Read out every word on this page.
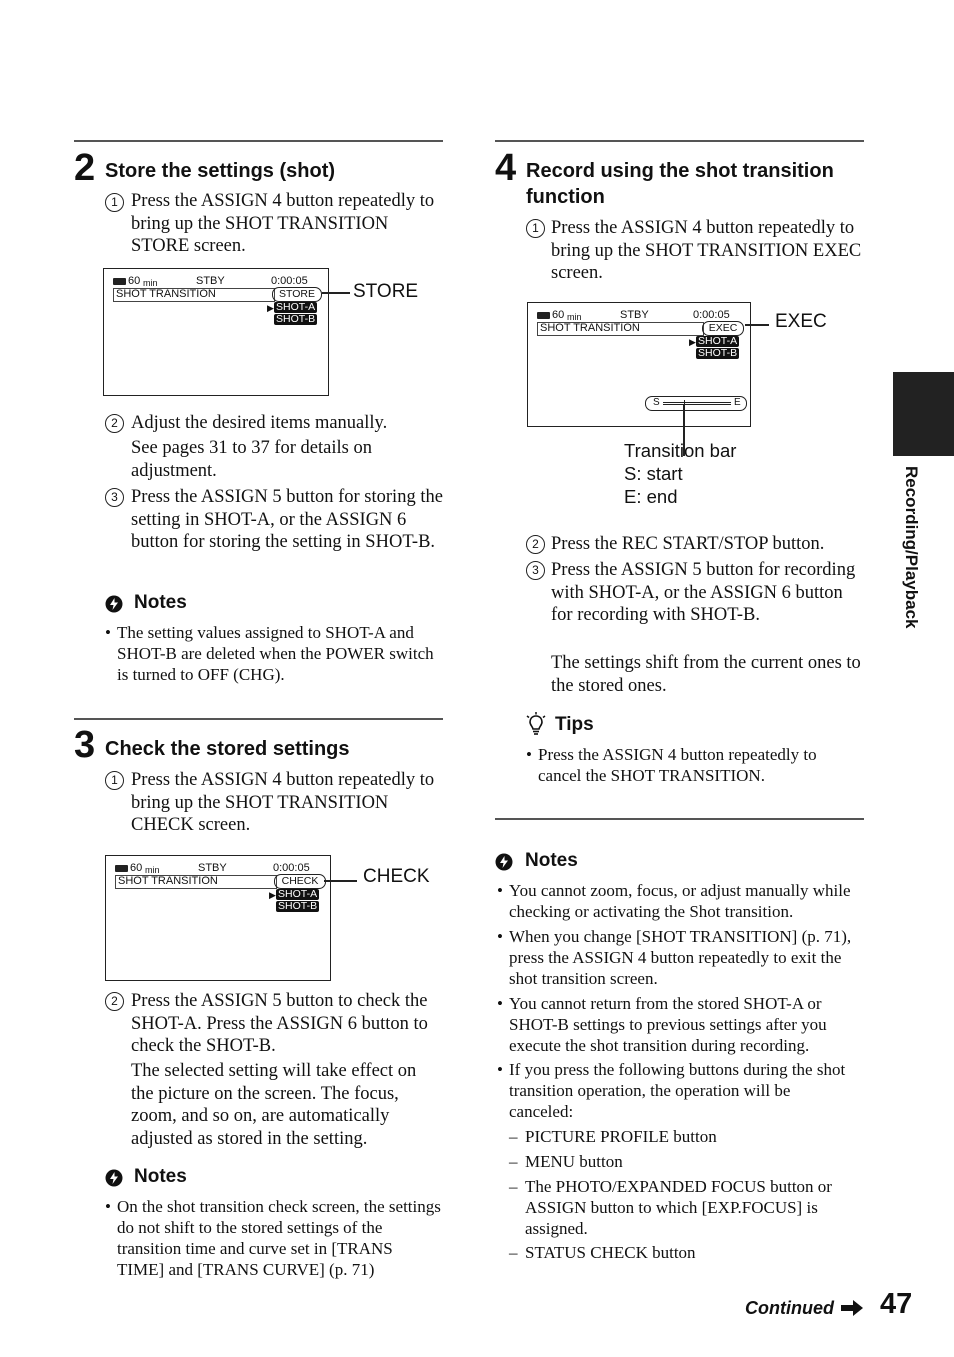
2 Store the settings (shot)
1 Press the ASSIGN 4 button repeatedly to bring up the SHOT TRANSITION STORE screen.
60 min	STBY	0:00:05
SHOT TRANSITION	STORE
▶ SHOT-A
SHOT-B
STORE
2 Adjust the desired items manually.
See pages 31 to 37 for details on adjustment.
3 Press the ASSIGN 5 button for storing the setting in SHOT-A, or the ASSIGN 6 button for storing the setting in SHOT-B.
Notes
• The setting values assigned to SHOT-A and SHOT-B are deleted when the POWER switch is turned to OFF (CHG).
3 Check the stored settings
1 Press the ASSIGN 4 button repeatedly to bring up the SHOT TRANSITION CHECK screen.
60 min	STBY	0:00:05
SHOT TRANSITION	CHECK
▶ SHOT-A
SHOT-B
CHECK
2 Press the ASSIGN 5 button to check the SHOT-A. Press the ASSIGN 6 button to check the SHOT-B.
The selected setting will take effect on the picture on the screen. The focus, zoom, and so on, are automatically adjusted as stored in the setting.
Notes
• On the shot transition check screen, the settings do not shift to the stored settings of the transition time and curve set in [TRANS TIME] and [TRANS CURVE] (p. 71)
4 Record using the shot transition function
1 Press the ASSIGN 4 button repeatedly to bring up the SHOT TRANSITION EXEC screen.
60 min	STBY	0:00:05
SHOT TRANSITION	EXEC
▶ SHOT-A
SHOT-B
S	E
EXEC
Transition bar
S: start
E: end
2 Press the REC START/STOP button.
3 Press the ASSIGN 5 button for recording with SHOT-A, or the ASSIGN 6 button for recording with SHOT-B.
The settings shift from the current ones to the stored ones.
Tips
• Press the ASSIGN 4 button repeatedly to cancel the SHOT TRANSITION.
Notes
• You cannot zoom, focus, or adjust manually while checking or activating the Shot transition.
• When you change [SHOT TRANSITION] (p. 71), press the ASSIGN 4 button repeatedly to exit the shot transition screen.
• You cannot return from the stored SHOT-A or SHOT-B settings to previous settings after you execute the shot transition during recording.
• If you press the following buttons during the shot transition operation, the operation will be canceled:
– PICTURE PROFILE button
– MENU button
– The PHOTO/EXPANDED FOCUS button or ASSIGN button to which [EXP.FOCUS] is assigned.
– STATUS CHECK button
Recording/Playback
Continued 47
